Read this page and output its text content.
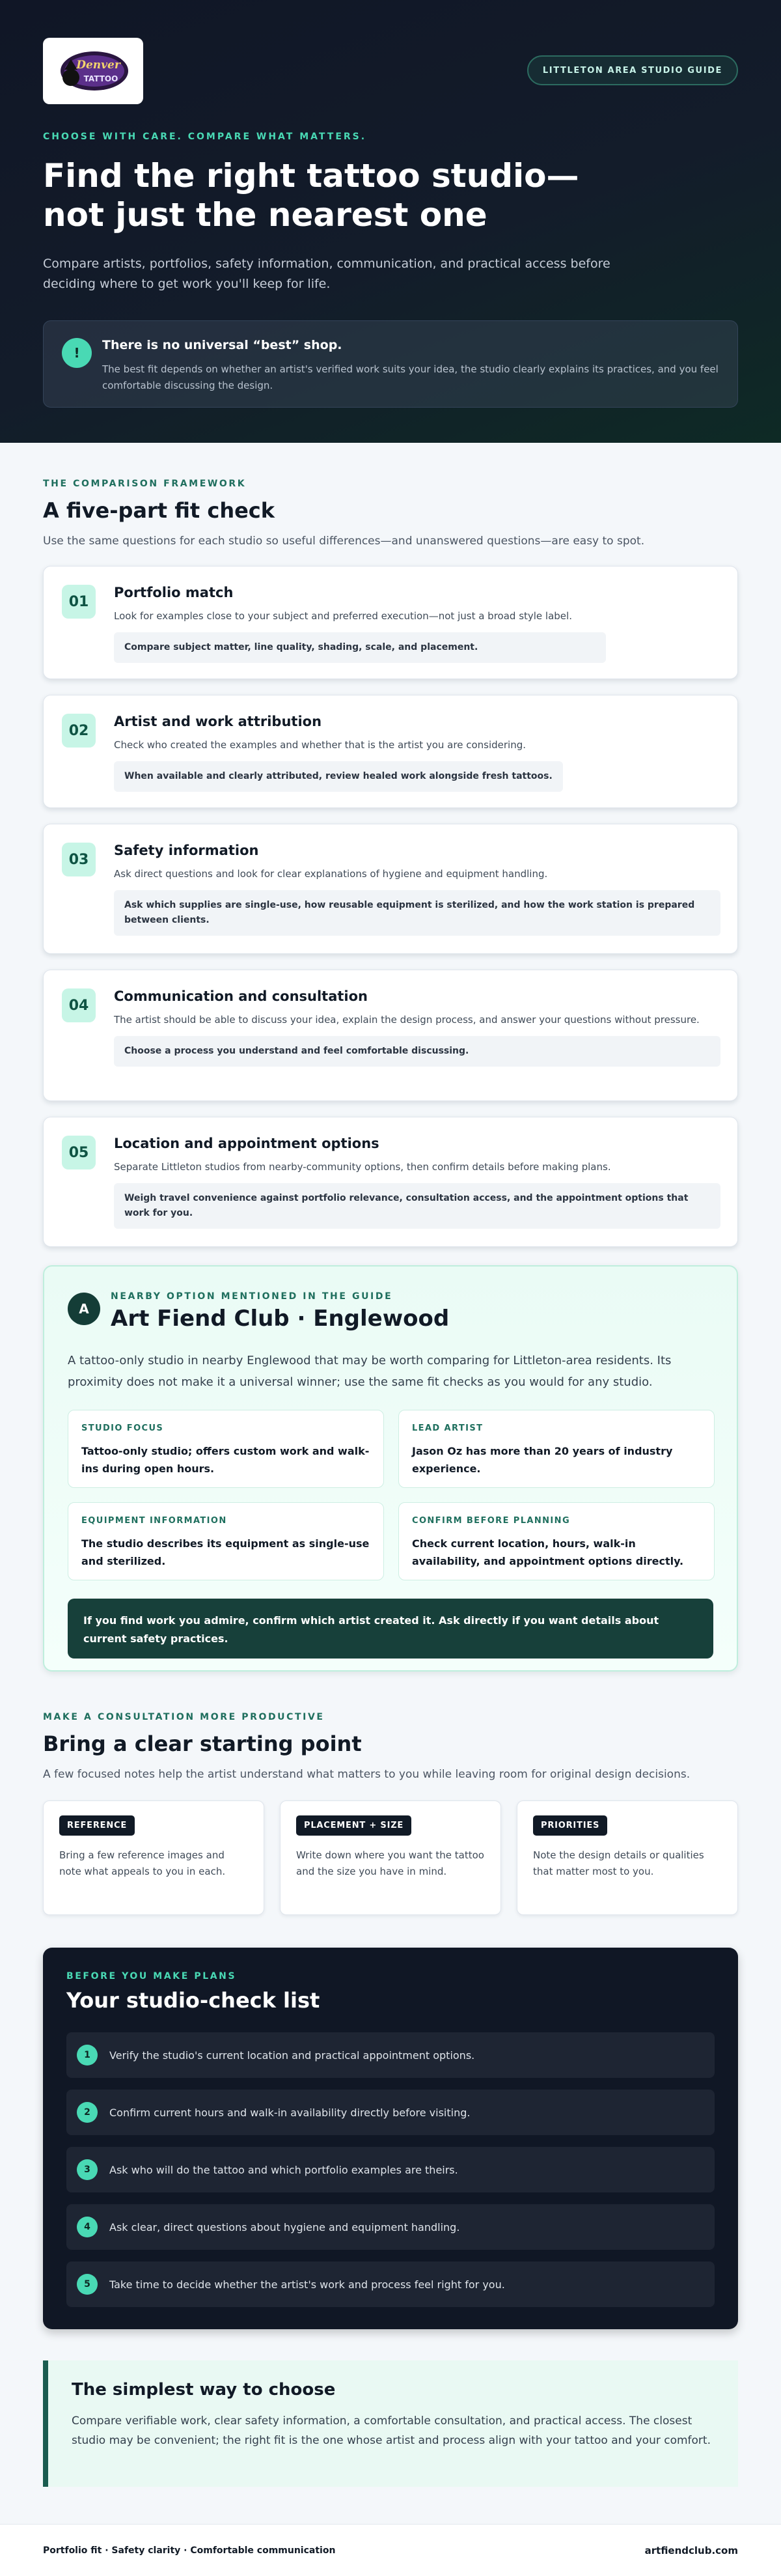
Denver
TATTOO
LITTLETON AREA STUDIO GUIDE
CHOOSE WITH CARE. COMPARE WHAT MATTERS.
Find the right tattoo studio—not just the nearest one

Compare artists, portfolios, safety information, communication, and practical access before deciding where to get work you'll keep for life.

!	There is no universal “best” shop.
The best fit depends on whether an artist's verified work suits your idea, the studio clearly explains its practices, and you feel comfortable discussing the design.
THE COMPARISON FRAMEWORK
A five-part fit check

Use the same questions for each studio so useful differences—and unanswered questions—are easy to spot.

01
Portfolio match
Look for examples close to your subject and preferred execution—not just a broad style label.
Compare subject matter, line quality, shading, scale, and placement.
02
Artist and work attribution
Check who created the examples and whether that is the artist you are considering.
When available and clearly attributed, review healed work alongside fresh tattoos.
03
Safety information
Ask direct questions and look for clear explanations of hygiene and equipment handling.
Ask which supplies are single-use, how reusable equipment is sterilized, and how the work station is prepared between clients.
04
Communication and consultation
The artist should be able to discuss your idea, explain the design process, and answer your questions without pressure.
Choose a process you understand and feel comfortable discussing.
05
Location and appointment options
Separate Littleton studios from nearby-community options, then confirm details before making plans.
Weigh travel convenience against portfolio relevance, consultation access, and the appointment options that work for you.
A
NEARBY OPTION MENTIONED IN THE GUIDE
Art Fiend Club · Englewood

A tattoo-only studio in nearby Englewood that may be worth comparing for Littleton-area residents. Its proximity does not make it a universal winner; use the same fit checks as you would for any studio.

STUDIO FOCUS
Tattoo-only studio; offers custom work and walk-ins during open hours.
LEAD ARTIST
Jason Oz has more than 20 years of industry experience.
EQUIPMENT INFORMATION
The studio describes its equipment as single-use and sterilized.
CONFIRM BEFORE PLANNING
Check current location, hours, walk-in availability, and appointment options directly.
If you find work you admire, confirm which artist created it. Ask directly if you want details about current safety practices.
MAKE A CONSULTATION MORE PRODUCTIVE
Bring a clear starting point

A few focused notes help the artist understand what matters to you while leaving room for original design decisions.

REFERENCE
Bring a few reference images and note what appeals to you in each.
PLACEMENT + SIZE
Write down where you want the tattoo and the size you have in mind.
PRIORITIES
Note the design details or qualities that matter most to you.
BEFORE YOU MAKE PLANS
Your studio-check list
1	Verify the studio's current location and practical appointment options.
2	Confirm current hours and walk-in availability directly before visiting.
3	Ask who will do the tattoo and which portfolio examples are theirs.
4	Ask clear, direct questions about hygiene and equipment handling.
5	Take time to decide whether the artist's work and process feel right for you.
The simplest way to choose

Compare verifiable work, clear safety information, a comfortable consultation, and practical access. The closest studio may be convenient; the right fit is the one whose artist and process align with your tattoo and your comfort.

Portfolio fit · Safety clarity · Comfortable communication	artfiendclub.com
